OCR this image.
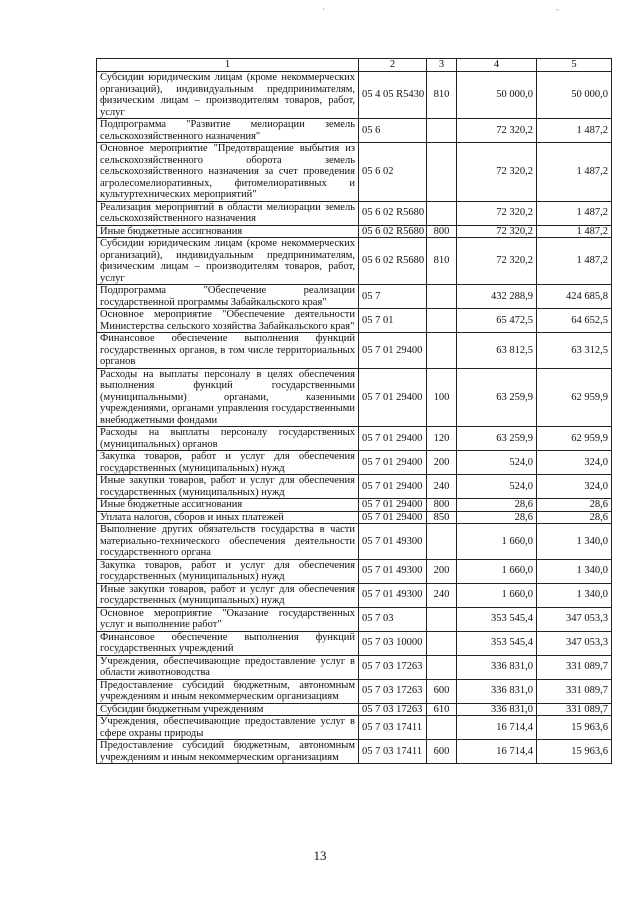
·	-
1	2	3	4	5
Субсидии юридическим лицам (кроме некоммерческих организаций), индивидуальным предпринимателям, физическим лицам – производителям товаров, работ, услуг	05 4 05 R5430	810	50 000,0	50 000,0
Подпрограмма "Развитие мелиорации земель сельскохозяйственного назначения"	05 6		72 320,2	1 487,2
Основное мероприятие "Предотвращение выбытия из сельскохозяйственного оборота земель сельскохозяйственного назначения за счет проведения агролесомелиоративных, фитомелиоративных и культуртехнических мероприятий"	05 6 02		72 320,2	1 487,2
Реализация мероприятий в области мелиорации земель сельскохозяйственного назначения	05 6 02 R5680		72 320,2	1 487,2
Иные бюджетные ассигнования	05 6 02 R5680	800	72 320,2	1 487,2
Субсидии юридическим лицам (кроме некоммерческих организаций), индивидуальным предпринимателям, физическим лицам – производителям товаров, работ, услуг	05 6 02 R5680	810	72 320,2	1 487,2
Подпрограмма "Обеспечение реализации государственной программы Забайкальского края"	05 7		432 288,9	424 685,8
Основное мероприятие "Обеспечение деятельности Министерства сельского хозяйства Забайкальского края"	05 7 01		65 472,5	64 652,5
Финансовое обеспечение выполнения функций государственных органов, в том числе территориальных органов	05 7 01 29400		63 812,5	63 312,5
Расходы на выплаты персоналу в целях обеспечения выполнения функций государственными (муниципальными) органами, казенными учреждениями, органами управления государственными внебюджетными фондами	05 7 01 29400	100	63 259,9	62 959,9
Расходы на выплаты персоналу государственных (муниципальных) органов	05 7 01 29400	120	63 259,9	62 959,9
Закупка товаров, работ и услуг для обеспечения государственных (муниципальных) нужд	05 7 01 29400	200	524,0	324,0
Иные закупки товаров, работ и услуг для обеспечения государственных (муниципальных) нужд	05 7 01 29400	240	524,0	324,0
Иные бюджетные ассигнования	05 7 01 29400	800	28,6	28,6
Уплата налогов, сборов и иных платежей	05 7 01 29400	850	28,6	28,6
Выполнение других обязательств государства в части материально-технического обеспечения деятельности государственного органа	05 7 01 49300		1 660,0	1 340,0
Закупка товаров, работ и услуг для обеспечения государственных (муниципальных) нужд	05 7 01 49300	200	1 660,0	1 340,0
Иные закупки товаров, работ и услуг для обеспечения государственных (муниципальных) нужд	05 7 01 49300	240	1 660,0	1 340,0
Основное мероприятие "Оказание государственных услуг и выполнение работ"	05 7 03		353 545,4	347 053,3
Финансовое обеспечение выполнения функций государственных учреждений	05 7 03 10000		353 545,4	347 053,3
Учреждения, обеспечивающие предоставление услуг в области животноводства	05 7 03 17263		336 831,0	331 089,7
Предоставление субсидий бюджетным, автономным учреждениям и иным некоммерческим организациям	05 7 03 17263	600	336 831,0	331 089,7
Субсидии бюджетным учреждениям	05 7 03 17263	610	336 831,0	331 089,7
Учреждения, обеспечивающие предоставление услуг в сфере охраны природы	05 7 03 17411		16 714,4	15 963,6
Предоставление субсидий бюджетным, автономным учреждениям и иным некоммерческим организациям	05 7 03 17411	600	16 714,4	15 963,6
13
